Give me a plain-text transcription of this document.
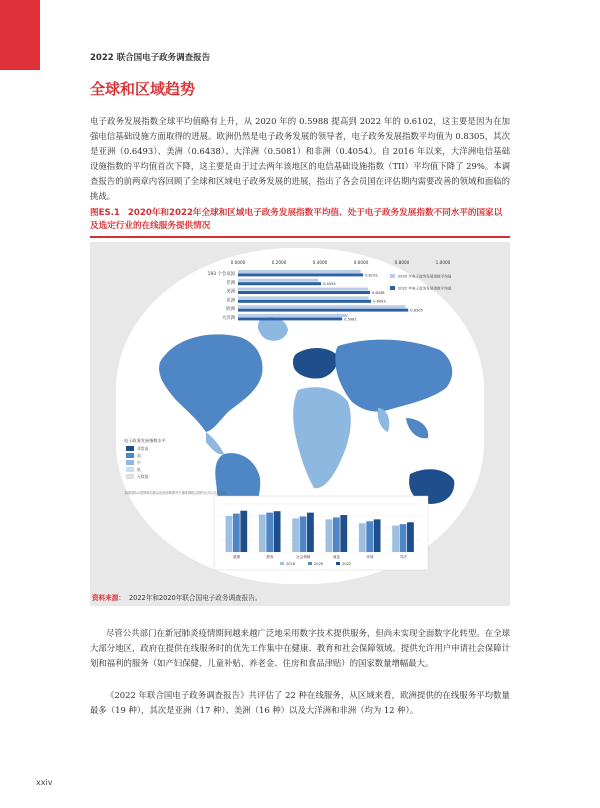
2022 联合国电子政务调查报告
全球和区域趋势

电子政务发展指数全球平均值略有上升，从 2020 年的 0.5988 提高到 2022 年的 0.6102，这主要是因为在加强电信基础设施方面取得的进展。欧洲仍然是电子政务发展的领导者，电子政务发展指数平均值为 0.8305，其次是亚洲（0.6493）、美洲（0.6438）、大洋洲（0.5081）和非洲（0.4054）。自 2016 年以来，大洋洲电信基础设施指数的平均值首次下降，这主要是由于过去两年该地区的电信基础设施指数（TII）平均值下降了 29%。本调查报告的前两章内容回顾了全球和区域电子政务发展的进展，指出了各会员国在评估期内需要改善的领域和面临的挑战。

图ES.1 2020年和2022年全球和区域电子政务发展指数平均值、处于电子政务发展指数不同水平的国家以及选定行业的在线服务提供情况
电子政务发展指数水平
非常高
高
中
低
无数据
本地图所示国界和名称以及所用称谓并不意味着联合国的正式认可或接受。
0.0000	0.2000	0.4000	0.6000	0.8000	1.0000
193 个会员国	0.6102
非洲	0.4054
美洲	0.6438
亚洲	0.6493
欧洲	0.8305
大洋洲	0.5081
2020 年电子政务发展指数平均值
2022 年电子政务发展指数平均值
健康	教育	社会保障	就业	环境	司法
2018	2020	2022
资料来源： 2022年和2020年联合国电子政务调查报告。

尽管公共部门在新冠肺炎疫情期间越来越广泛地采用数字技术提供服务，但尚未实现全面数字化转型。在全球大部分地区，政府在提供在线服务时的优先工作集中在健康、教育和社会保障领域。提供允许用户申请社会保障计划和福利的服务（如产妇保健、儿童补贴、养老金、住房和食品津贴）的国家数量增幅最大。

《2022 年联合国电子政务调查报告》共评估了 22 种在线服务，从区域来看，欧洲提供的在线服务平均数量最多（19 种），其次是亚洲（17 种）、美洲（16 种）以及大洋洲和非洲（均为 12 种）。

xxiv
